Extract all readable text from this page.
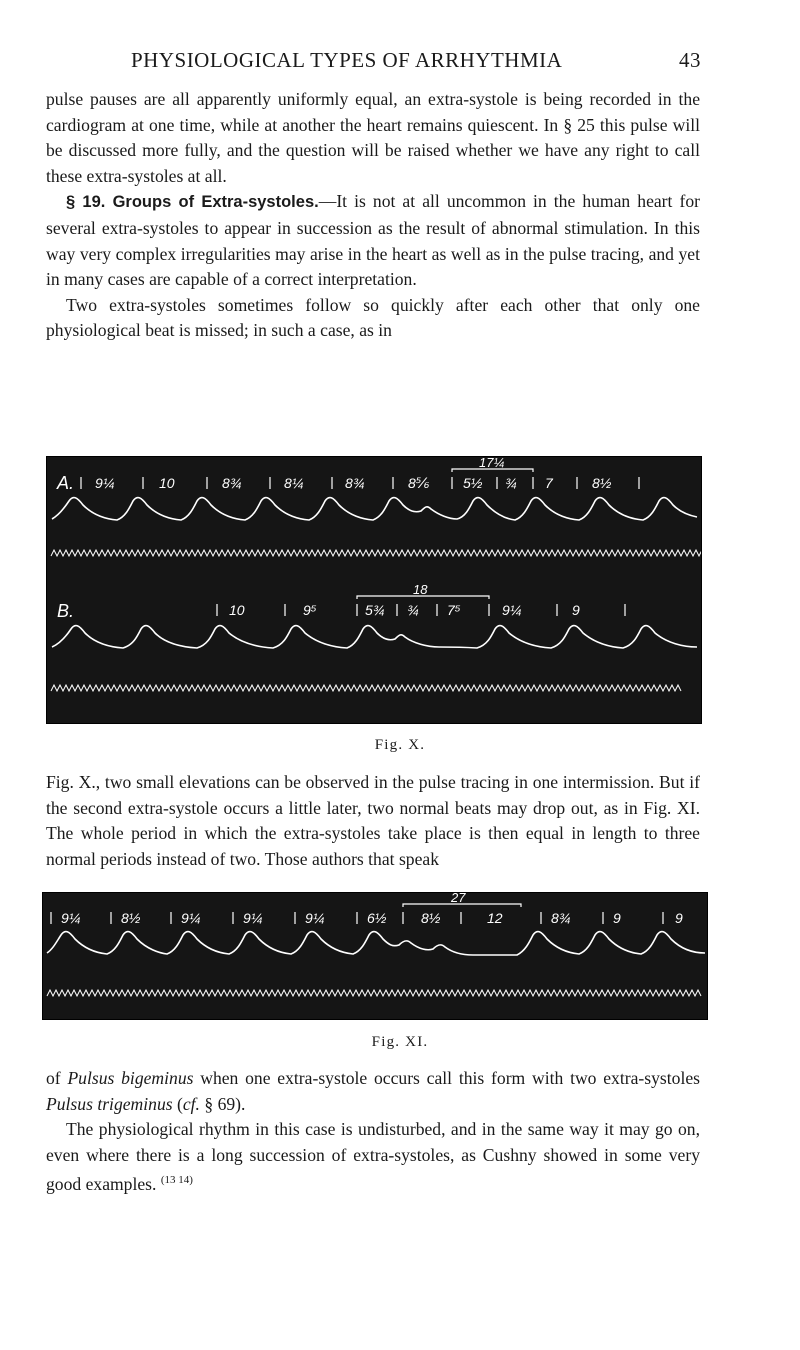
PHYSIOLOGICAL TYPES OF ARRHYTHMIA	43

pulse pauses are all apparently uniformly equal, an extra-systole is being recorded in the cardiogram at one time, while at another the heart remains quiescent. In § 25 this pulse will be discussed more fully, and the question will be raised whether we have any right to call these extra-systoles at all.

§ 19. Groups of Extra-systoles.—It is not at all uncommon in the human heart for several extra-systoles to appear in succession as the result of abnormal stimulation. In this way very complex irregularities may arise in the heart as well as in the pulse tracing, and yet in many cases are capable of a correct interpretation.

Two extra-systoles sometimes follow so quickly after each other that only one physiological beat is missed; in such a case, as in

A. 9¼	10	8¾	8¼	8¾	8⅚ 5½ ¾ 7	8½
17¼
B.	10	9⁵	5¾ ¾ 7⁵	9¼	9
18
Fig. X.

Fig. X., two small elevations can be observed in the pulse tracing in one intermission. But if the second extra-systole occurs a little later, two normal beats may drop out, as in Fig. XI. The whole period in which the extra-systoles take place is then equal in length to three normal periods instead of two. Those authors that speak

27
9¼	8½	9¼	9¼	9¼	6½ 8½	12	8¾	9	9
Fig. XI.

of Pulsus bigeminus when one extra-systole occurs call this form with two extra-systoles Pulsus trigeminus (cf. § 69).

The physiological rhythm in this case is undisturbed, and in the same way it may go on, even where there is a long succession of extra-systoles, as Cushny showed in some very good examples. $^{(13 14)}$
